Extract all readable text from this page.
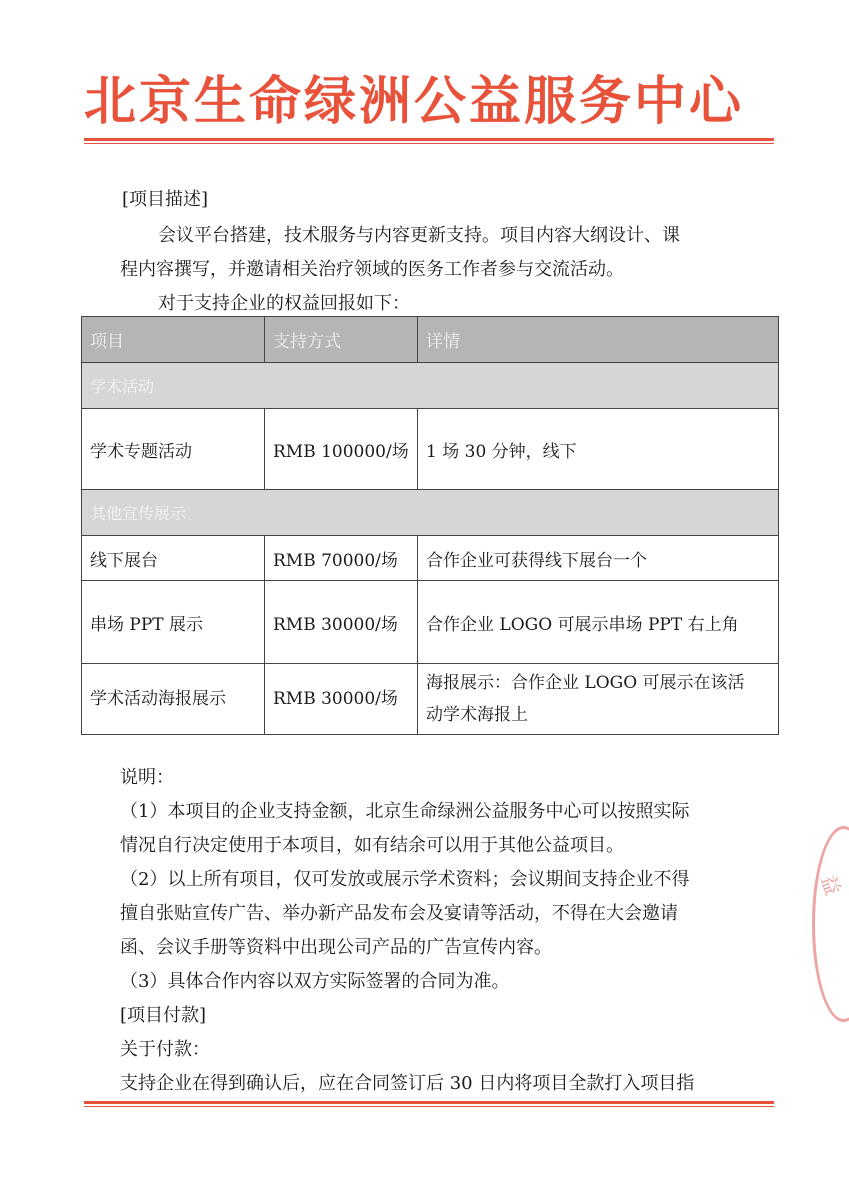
北京生命绿洲公益服务中心
[项目描述]
会议平台搭建，技术服务与内容更新支持。项目内容大纲设计、课
程内容撰写，并邀请相关治疗领域的医务工作者参与交流活动。
对于支持企业的权益回报如下：
项目	支持方式	详情
学术活动		
学术专题活动	RMB 100000/场	1 场 30 分钟，线下
其他宣传展示		
线下展台	RMB 70000/场	合作企业可获得线下展台一个
串场 PPT 展示	RMB 30000/场	合作企业 LOGO 可展示串场 PPT 右上角
学术活动海报展示	RMB 30000/场	海报展示：合作企业 LOGO 可展示在该活
动学术海报上
说明：
（1）本项目的企业支持金额，北京生命绿洲公益服务中心可以按照实际
情况自行决定使用于本项目，如有结余可以用于其他公益项目。
（2）以上所有项目，仅可发放或展示学术资料；会议期间支持企业不得
擅自张贴宣传广告、举办新产品发布会及宴请等活动，不得在大会邀请
函、会议手册等资料中出现公司产品的广告宣传内容。
（3）具体合作内容以双方实际签署的合同为准。
[项目付款]
关于付款：
支持企业在得到确认后，应在合同签订后 30 日内将项目全款打入项目指
益
